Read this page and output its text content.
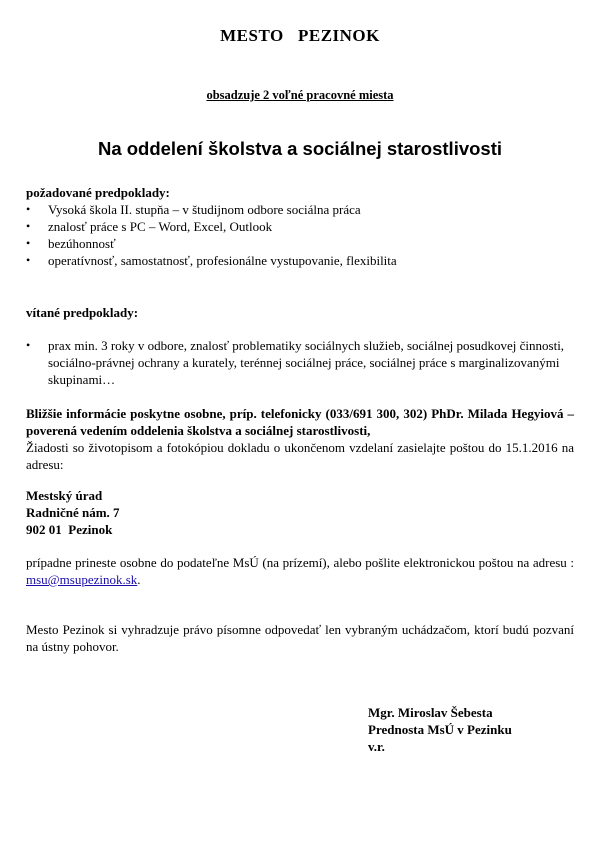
MESTO   PEZINOK
obsadzuje 2 voľné pracovné miesta
Na oddelení školstva a sociálnej starostlivosti
požadované predpoklady:
• Vysoká škola II. stupňa – v študijnom odbore sociálna práca
• znalosť práce s PC – Word, Excel, Outlook
• bezúhonnosť
• operatívnosť, samostatnosť, profesionálne vystupovanie, flexibilita
vítané predpoklady:
• prax min. 3 roky v odbore, znalosť problematiky sociálnych služieb, sociálnej posudkovej činnosti, sociálno-právnej ochrany a kurately, terénnej sociálnej práce, sociálnej práce s marginalizovanými skupinami…
Bližšie informácie poskytne osobne, príp. telefonicky (033/691 300, 302) PhDr. Milada Hegyiová – poverená vedením oddelenia školstva a sociálnej starostlivosti,
Žiadosti so životopisom a fotokópiou dokladu o ukončenom vzdelaní zasielajte poštou do 15.1.2016 na adresu:
Mestský úrad
Radničné nám. 7
902 01  Pezinok
prípadne prineste osobne do podateľne MsÚ (na prízemí), alebo pošlite elektronickou poštou na adresu : msu@msupezinok.sk.
Mesto Pezinok si vyhradzuje právo písomne odpovedať len vybraným uchádzačom, ktorí budú pozvaní na ústny pohovor.
Mgr. Miroslav Šebesta
Prednosta MsÚ v Pezinku
v.r.
